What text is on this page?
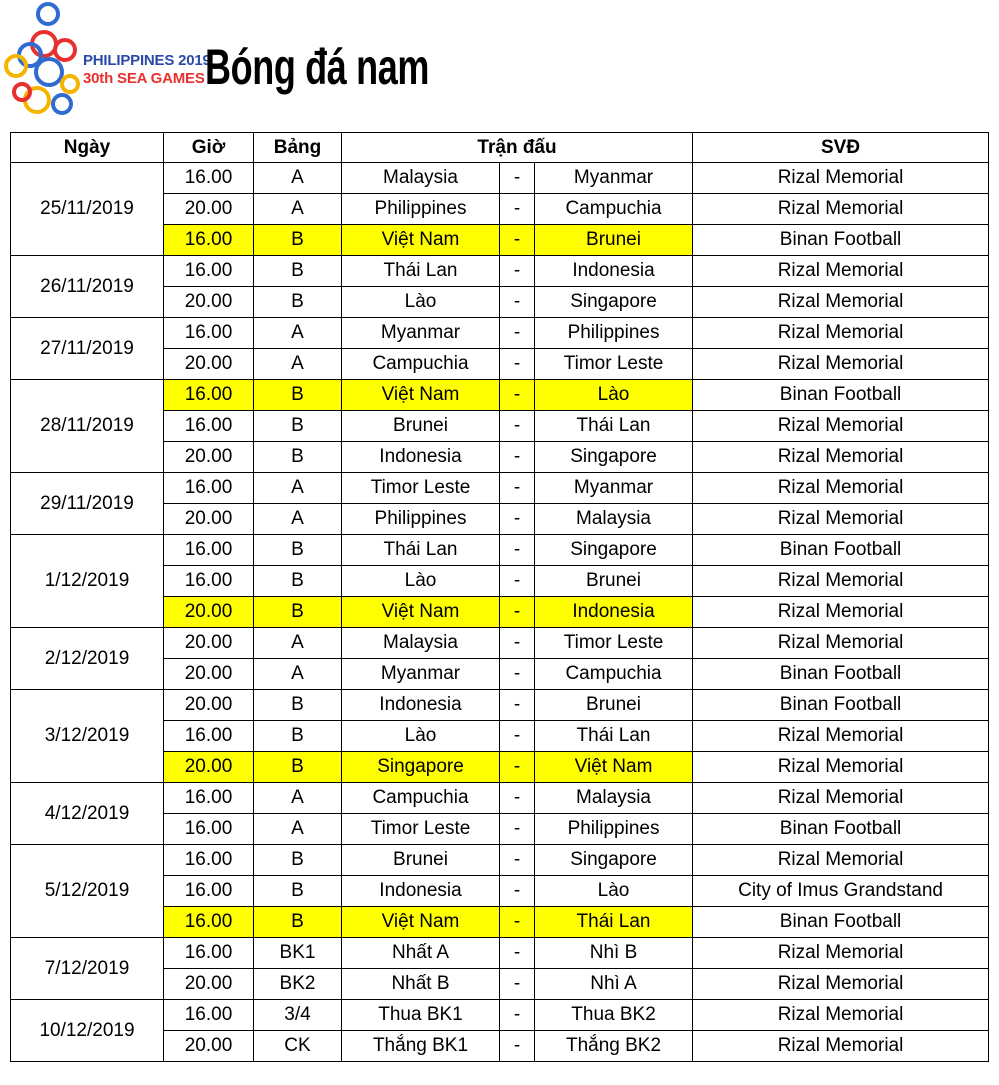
PHILIPPINES 2019
30th SEA GAMES Bóng đá nam
Ngày	Giờ	Bảng	Trận đấu			SVĐ
25/11/2019	16.00	A	Malaysia	-	Myanmar	Rizal Memorial
	20.00	A	Philippines	-	Campuchia	Rizal Memorial
	16.00	B	Việt Nam	-	Brunei	Binan Football
26/11/2019	16.00	B	Thái Lan	-	Indonesia	Rizal Memorial
	20.00	B	Lào	-	Singapore	Rizal Memorial
27/11/2019	16.00	A	Myanmar	-	Philippines	Rizal Memorial
	20.00	A	Campuchia	-	Timor Leste	Rizal Memorial
28/11/2019	16.00	B	Việt Nam	-	Lào	Binan Football
	16.00	B	Brunei	-	Thái Lan	Rizal Memorial
	20.00	B	Indonesia	-	Singapore	Rizal Memorial
29/11/2019	16.00	A	Timor Leste	-	Myanmar	Rizal Memorial
	20.00	A	Philippines	-	Malaysia	Rizal Memorial
1/12/2019	16.00	B	Thái Lan	-	Singapore	Binan Football
	16.00	B	Lào	-	Brunei	Rizal Memorial
	20.00	B	Việt Nam	-	Indonesia	Rizal Memorial
2/12/2019	20.00	A	Malaysia	-	Timor Leste	Rizal Memorial
	20.00	A	Myanmar	-	Campuchia	Binan Football
3/12/2019	20.00	B	Indonesia	-	Brunei	Binan Football
	16.00	B	Lào	-	Thái Lan	Rizal Memorial
	20.00	B	Singapore	-	Việt Nam	Rizal Memorial
4/12/2019	16.00	A	Campuchia	-	Malaysia	Rizal Memorial
	16.00	A	Timor Leste	-	Philippines	Binan Football
5/12/2019	16.00	B	Brunei	-	Singapore	Rizal Memorial
	16.00	B	Indonesia	-	Lào	City of Imus Grandstand
	16.00	B	Việt Nam	-	Thái Lan	Binan Football
7/12/2019	16.00	BK1	Nhất A	-	Nhì B	Rizal Memorial
	20.00	BK2	Nhất B	-	Nhì A	Rizal Memorial
10/12/2019	16.00	3/4	Thua BK1	-	Thua BK2	Rizal Memorial
	20.00	CK	Thắng BK1	-	Thắng BK2	Rizal Memorial
